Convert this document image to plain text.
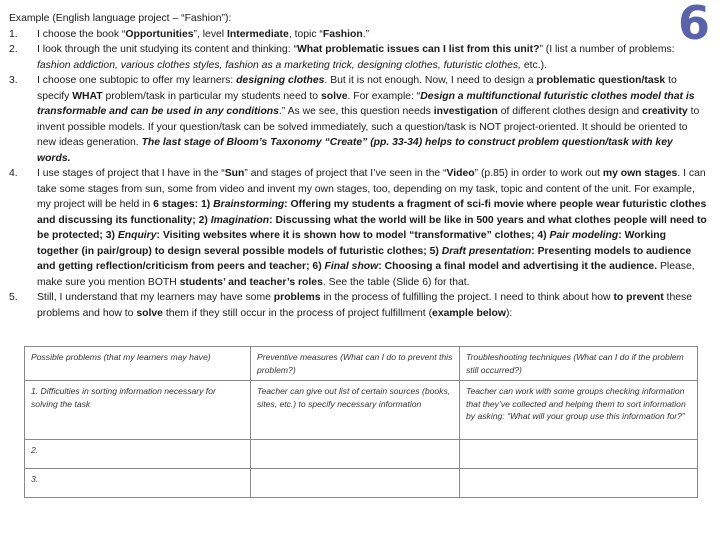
6

Example (English language project – “Fashion”):

1. I choose the book “Opportunities”, level Intermediate, topic “Fashion.”
2. I look through the unit studying its content and thinking: “What problematic issues can I list from this unit?” (I list a number of problems: fashion addiction, various clothes styles, fashion as a marketing trick, designing clothes, futuristic clothes, etc.).
3. I choose one subtopic to offer my learners: designing clothes. But it is not enough. Now, I need to design a problematic question/task to specify WHAT problem/task in particular my students need to solve. For example: “Design a multifunctional futuristic clothes model that is transformable and can be used in any conditions.” As we see, this question needs investigation of different clothes design and creativity to invent possible models. If your question/task can be solved immediately, such a question/task is NOT project-oriented. It should be oriented to new ideas generation. The last stage of Bloom’s Taxonomy “Create” (pp. 33-34) helps to construct problem question/task with key words.
4. I use stages of project that I have in the “Sun” and stages of project that I’ve seen in the “Video” (p.85) in order to work out my own stages. I can take some stages from sun, some from video and invent my own stages, too, depending on my task, topic and content of the unit. For example, my project will be held in 6 stages: 1) Brainstorming: Offering my students a fragment of sci-fi movie where people wear futuristic clothes and discussing its functionality; 2) Imagination: Discussing what the world will be like in 500 years and what clothes people will need to be protected; 3) Enquiry: Visiting websites where it is shown how to model “transformative” clothes; 4) Pair modeling: Working together (in pair/group) to design several possible models of futuristic clothes; 5) Draft presentation: Presenting models to audience and getting reflection/criticism from peers and teacher; 6) Final show: Choosing a final model and advertising it the audience. Please, make sure you mention BOTH students’ and teacher’s roles. See the table (Slide 6) for that.
5. Still, I understand that my learners may have some problems in the process of fulfilling the project. I need to think about how to prevent these problems and how to solve them if they still occur in the process of project fulfillment (example below):
Possible problems (that my learners may have)	Preventive measures (What can I do to prevent this problem?)	Troubleshooting techniques (What can I do if the problem still occurred?)
1. Difficulties in sorting information necessary for solving the task	Teacher can give out list of certain sources (books, sites, etc.) to specify necessary information	Teacher can work with some groups checking information that they’ve collected and helping them to sort information by asking: “What will your group use this information for?”
2.		
3.		
